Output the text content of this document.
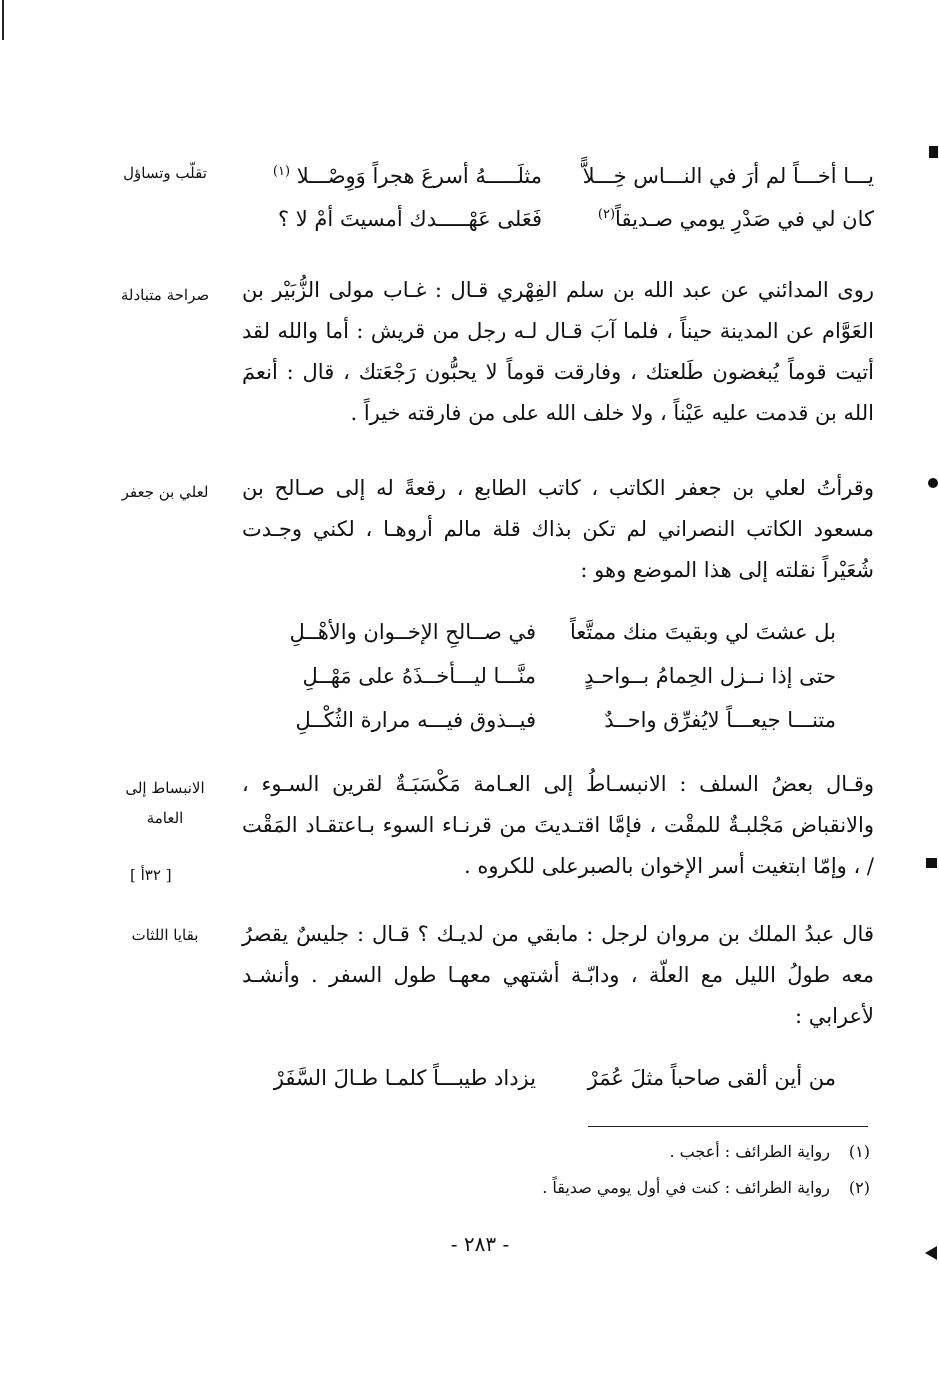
تقلّب وتساؤل
صراحة متبادلة
لعلي بن جعفر
الانبساط إلى
العامة
[ ٣٢أ ]
بقايا اللثات
يـــا أخـــاً لم أرَ في النـــاس خِـــلاًّ
مثلَـــــهُ أسرعَ هجراً وَوِصْـــلا $^{(١)}$
كان لي في صَدْرِ يومي صـديقاً$^{(٢)}$
فَعَلى عَهْـــــدك أمسيتَ أمْ لا ؟
روى المدائني عن عبد الله بن سلم الفِهْري قـال : غـاب مولى الزُّبَيْر بن العَوَّام عن المدينة حيناً ، فلما آبَ قـال لـه رجل من قريش : أما والله لقد أتيت قوماً يُبغضون طَلعتك ، وفارقت قوماً لا يحبُّون رَجْعَتك ، قال : أنعمَ الله بن قدمت عليه عَيْناً ، ولا خلف الله على من فارقته خيراً .
وقرأتُ لعلي بن جعفر الكاتب ، كاتب الطابع ، رقعةً له إلى صـالح بن مسعود الكاتب النصراني لم تكن بذاك قلة مالم أروهـا ، لكني وجـدت شُعَيْراً نقلته إلى هذا الموضع وهو :
بل عشتَ لي وبقيتَ منك ممتَّعاً
في صــالحِ الإخــوان والأهْــلِ
حتى إذا نــزل الحِمامُ بــواحـدٍ
منَّـــا ليـــأخــذَهُ على مَهْــلِ
متنـــا جيعـــاً لايُفرِّق واحــدٌ
فيــذوق فيـــه مرارة الثُكْــلِ
وقـال بعضُ السلف : الانبسـاطُ إلى العـامة مَكْسَبَـةٌ لقرين السـوء ، والانقباض مَجْلبـةٌ للمقْت ، فإمَّا اقتـديتَ من قرنـاء السوء بـاعتقـاد المَقْت / ، وإمّا ابتغيت أسر الإخوان بالصبرعلى للكروه .
قال عبدُ الملك بن مروان لرجل : مابقي من لديـك ؟ قـال : جليسٌ يقصرُ معه طولُ الليل مع العلّة ، ودابّـة أشتهي معهـا طول السفر . وأنشـد لأعرابي :
من أين ألقى صاحباً مثلَ عُمَرْ
يزداد طيبـــاً كلمـا طـالَ السَّفَرْ
(١)رواية الطرائف : أعجب .
(٢)رواية الطرائف : كنت في أول يومي صديقاً .
- ٢٨٣ -
